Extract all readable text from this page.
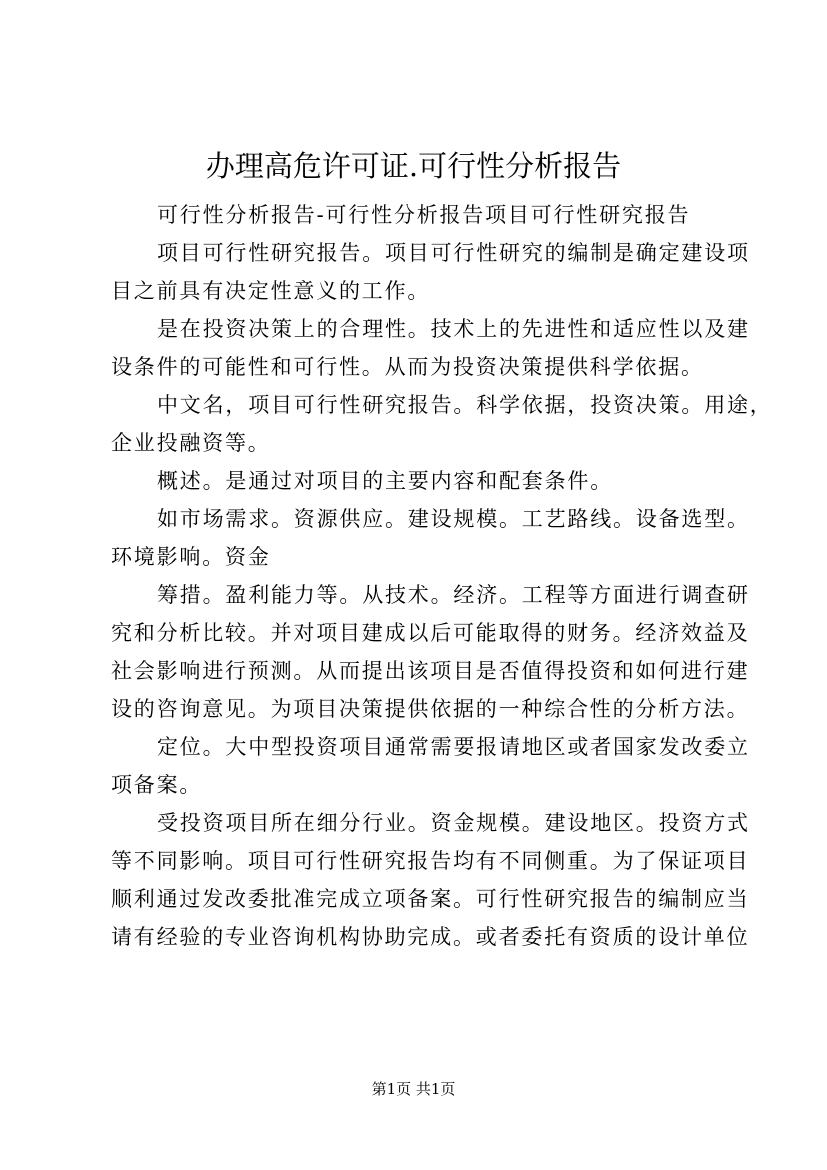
办理高危许可证.可行性分析报告
可行性分析报告-可行性分析报告项目可行性研究报告
项目可行性研究报告。项目可行性研究的编制是确定建设项
目之前具有决定性意义的工作。
是在投资决策上的合理性。技术上的先进性和适应性以及建
设条件的可能性和可行性。从而为投资决策提供科学依据。
中文名，项目可行性研究报告。科学依据，投资决策。用途，
企业投融资等。
概述。是通过对项目的主要内容和配套条件。
如市场需求。资源供应。建设规模。工艺路线。设备选型。
环境影响。资金
筹措。盈利能力等。从技术。经济。工程等方面进行调查研
究和分析比较。并对项目建成以后可能取得的财务。经济效益及
社会影响进行预测。从而提出该项目是否值得投资和如何进行建
设的咨询意见。为项目决策提供依据的一种综合性的分析方法。
定位。大中型投资项目通常需要报请地区或者国家发改委立
项备案。
受投资项目所在细分行业。资金规模。建设地区。投资方式
等不同影响。项目可行性研究报告均有不同侧重。为了保证项目
顺利通过发改委批准完成立项备案。可行性研究报告的编制应当
请有经验的专业咨询机构协助完成。或者委托有资质的设计单位
第1页 共1页
